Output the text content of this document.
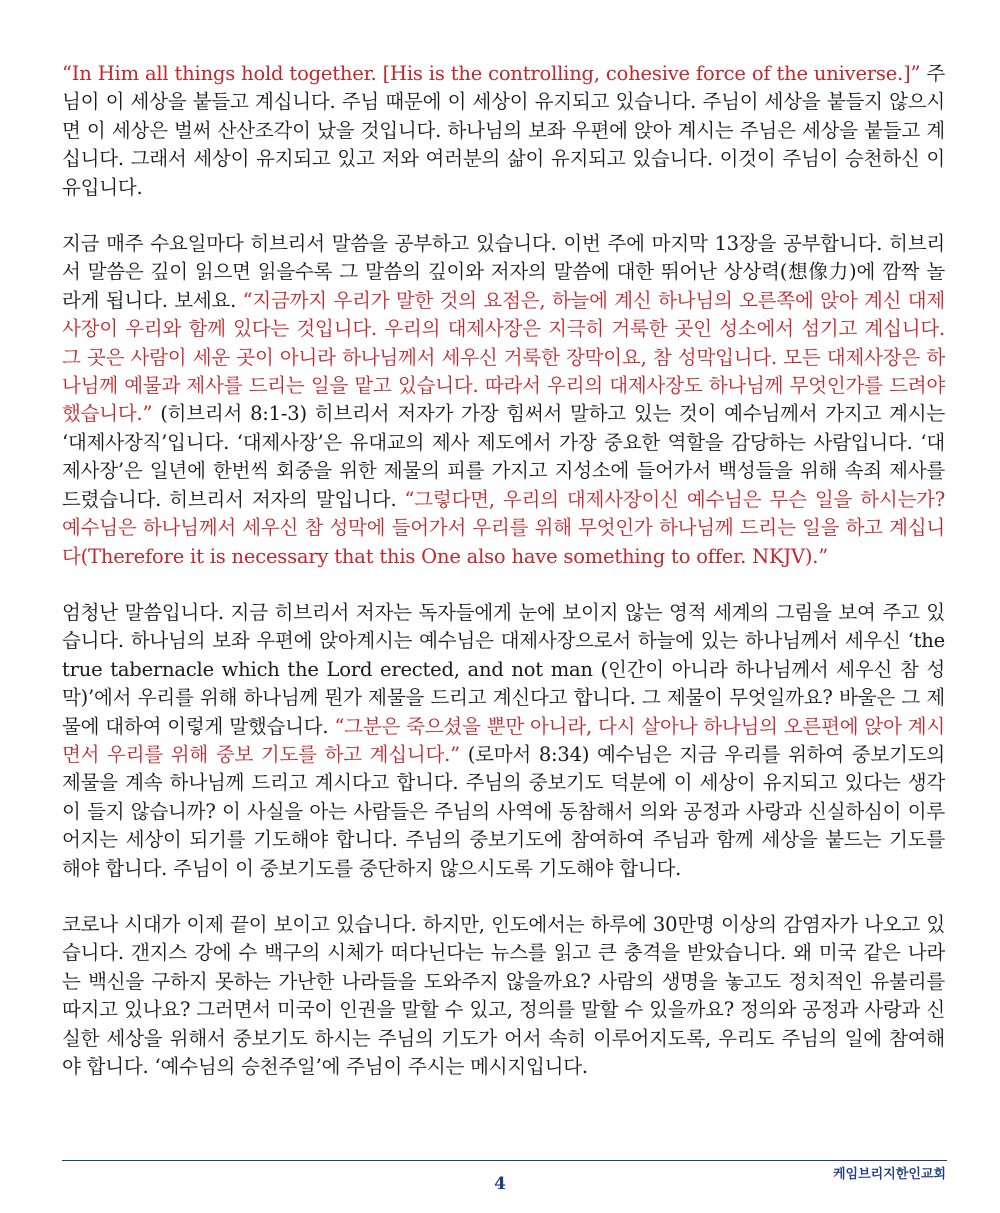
“In Him all things hold together. [His is the controlling, cohesive force of the universe.]” 주님이 이 세상을 붙들고 계십니다. 주님 때문에 이 세상이 유지되고 있습니다. 주님이 세상을 붙들지 않으시면 이 세상은 벌써 산산조각이 났을 것입니다. 하나님의 보좌 우편에 앉아 계시는 주님은 세상을 붙들고 계십니다. 그래서 세상이 유지되고 있고 저와 여러분의 삶이 유지되고 있습니다. 이것이 주님이 승천하신 이유입니다.

지금 매주 수요일마다 히브리서 말씀을 공부하고 있습니다. 이번 주에 마지막 13장을 공부합니다. 히브리서 말씀은 깊이 읽으면 읽을수록 그 말씀의 깊이와 저자의 말씀에 대한 뛰어난 상상력(想像力)에 깜짝 놀라게 됩니다. 보세요. “지금까지 우리가 말한 것의 요점은, 하늘에 계신 하나님의 오른쪽에 앉아 계신 대제사장이 우리와 함께 있다는 것입니다. 우리의 대제사장은 지극히 거룩한 곳인 성소에서 섬기고 계십니다. 그 곳은 사람이 세운 곳이 아니라 하나님께서 세우신 거룩한 장막이요, 참 성막입니다. 모든 대제사장은 하나님께 예물과 제사를 드리는 일을 맡고 있습니다. 따라서 우리의 대제사장도 하나님께 무엇인가를 드려야 했습니다.” (히브리서 8:1-3) 히브리서 저자가 가장 힘써서 말하고 있는 것이 예수님께서 가지고 계시는 ‘대제사장직’입니다. ‘대제사장’은 유대교의 제사 제도에서 가장 중요한 역할을 감당하는 사람입니다. ‘대제사장’은 일년에 한번씩 회중을 위한 제물의 피를 가지고 지성소에 들어가서 백성들을 위해 속죄 제사를 드렸습니다. 히브리서 저자의 말입니다. “그렇다면, 우리의 대제사장이신 예수님은 무슨 일을 하시는가? 예수님은 하나님께서 세우신 참 성막에 들어가서 우리를 위해 무엇인가 하나님께 드리는 일을 하고 계십니다(Therefore it is necessary that this One also have something to offer. NKJV).”

엄청난 말씀입니다. 지금 히브리서 저자는 독자들에게 눈에 보이지 않는 영적 세계의 그림을 보여 주고 있습니다. 하나님의 보좌 우편에 앉아계시는 예수님은 대제사장으로서 하늘에 있는 하나님께서 세우신 ‘the true tabernacle which the Lord erected, and not man (인간이 아니라 하나님께서 세우신 참 성막)’에서 우리를 위해 하나님께 뭔가 제물을 드리고 계신다고 합니다. 그 제물이 무엇일까요? 바울은 그 제물에 대하여 이렇게 말했습니다. “그분은 죽으셨을 뿐만 아니라, 다시 살아나 하나님의 오른편에 앉아 계시면서 우리를 위해 중보 기도를 하고 계십니다.” (로마서 8:34) 예수님은 지금 우리를 위하여 중보기도의 제물을 계속 하나님께 드리고 계시다고 합니다. 주님의 중보기도 덕분에 이 세상이 유지되고 있다는 생각이 들지 않습니까? 이 사실을 아는 사람들은 주님의 사역에 동참해서 의와 공정과 사랑과 신실하심이 이루어지는 세상이 되기를 기도해야 합니다. 주님의 중보기도에 참여하여 주님과 함께 세상을 붙드는 기도를 해야 합니다. 주님이 이 중보기도를 중단하지 않으시도록 기도해야 합니다.

코로나 시대가 이제 끝이 보이고 있습니다. 하지만, 인도에서는 하루에 30만명 이상의 감염자가 나오고 있습니다. 갠지스 강에 수 백구의 시체가 떠다닌다는 뉴스를 읽고 큰 충격을 받았습니다. 왜 미국 같은 나라는 백신을 구하지 못하는 가난한 나라들을 도와주지 않을까요? 사람의 생명을 놓고도 정치적인 유불리를 따지고 있나요? 그러면서 미국이 인권을 말할 수 있고, 정의를 말할 수 있을까요? 정의와 공정과 사랑과 신실한 세상을 위해서 중보기도 하시는 주님의 기도가 어서 속히 이루어지도록, 우리도 주님의 일에 참여해야 합니다. ‘예수님의 승천주일’에 주님이 주시는 메시지입니다.

케임브리지한인교회
4
